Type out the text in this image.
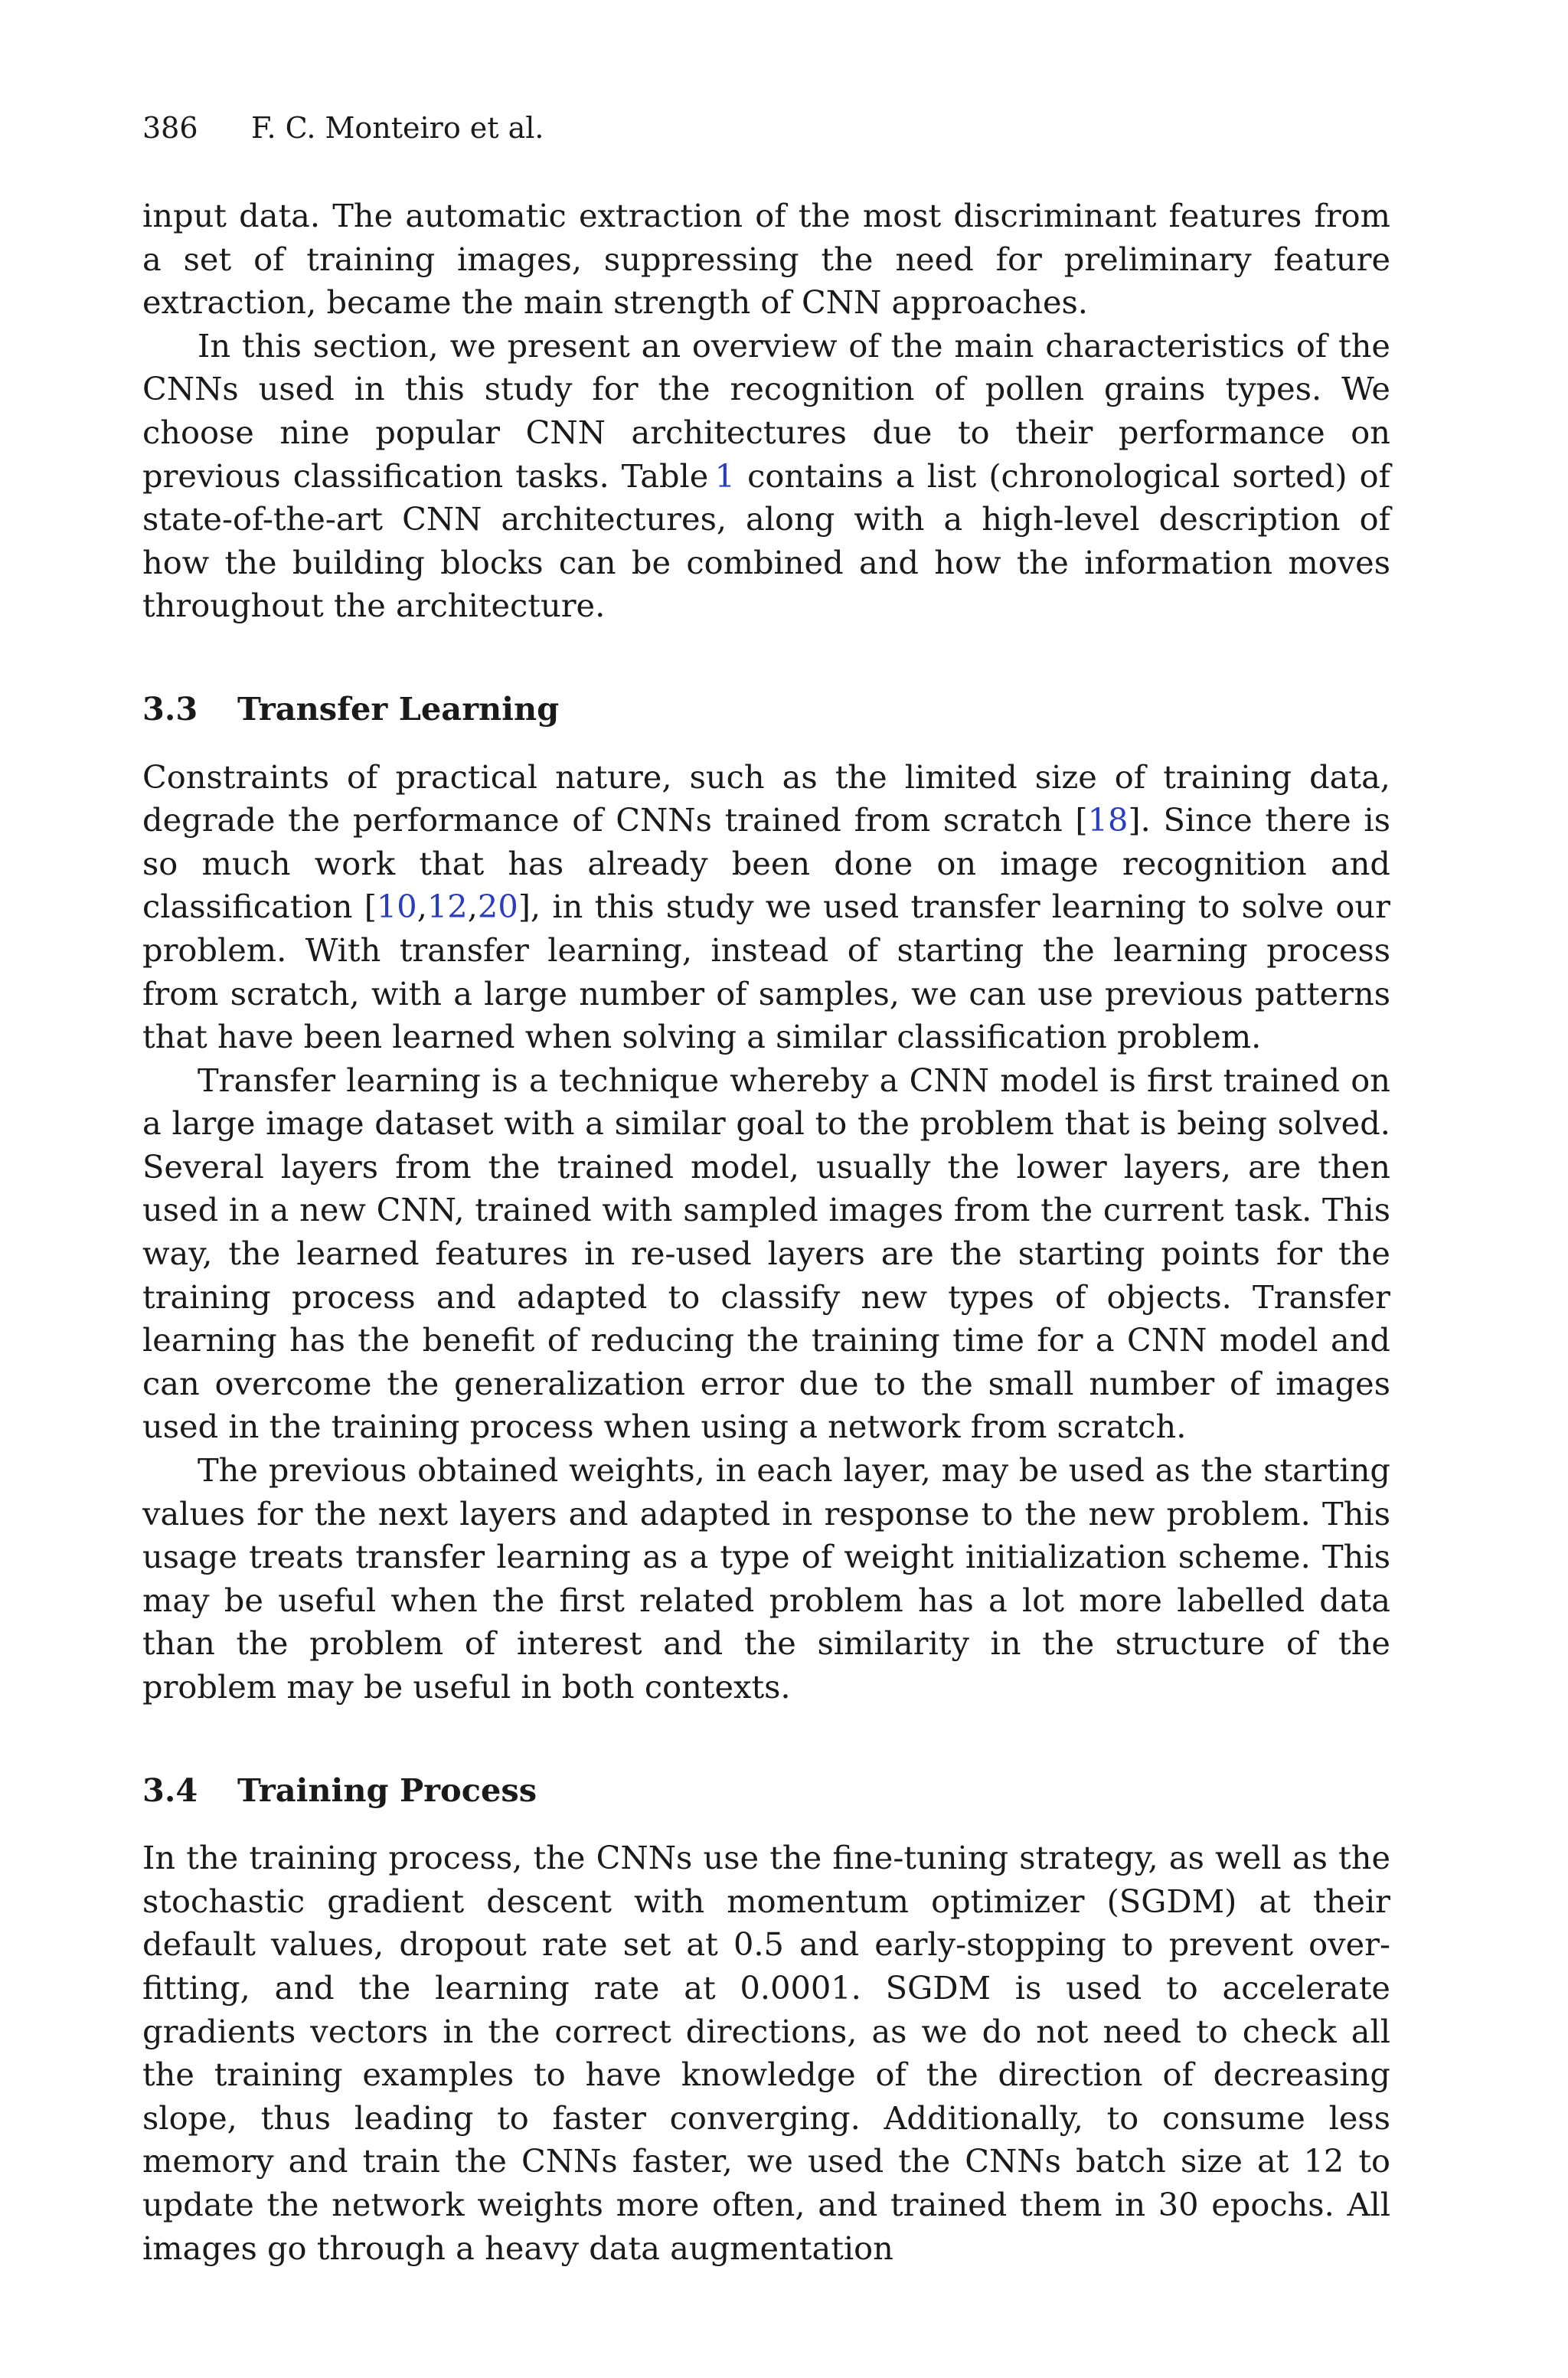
386 F. C. Monteiro et al.

input data. The automatic extraction of the most discriminant features from a set of training images, suppressing the need for preliminary feature extraction, became the main strength of CNN approaches.

In this section, we present an overview of the main characteristics of the CNNs used in this study for the recognition of pollen grains types. We choose nine popular CNN architectures due to their performance on previous classification tasks. Table 1 contains a list (chronological sorted) of state-of-the-art CNN architectures, along with a high-level description of how the building blocks can be combined and how the information moves throughout the architecture.

3.3 Transfer Learning

Constraints of practical nature, such as the limited size of training data, degrade the performance of CNNs trained from scratch [18]. Since there is so much work that has already been done on image recognition and classification [10,12,20], in this study we used transfer learning to solve our problem. With transfer learning, instead of starting the learning process from scratch, with a large number of samples, we can use previous patterns that have been learned when solving a similar classification problem.

Transfer learning is a technique whereby a CNN model is first trained on a large image dataset with a similar goal to the problem that is being solved. Several layers from the trained model, usually the lower layers, are then used in a new CNN, trained with sampled images from the current task. This way, the learned features in re-used layers are the starting points for the training process and adapted to classify new types of objects. Transfer learning has the benefit of reducing the training time for a CNN model and can overcome the generalization error due to the small number of images used in the training process when using a network from scratch.

The previous obtained weights, in each layer, may be used as the starting values for the next layers and adapted in response to the new problem. This usage treats transfer learning as a type of weight initialization scheme. This may be useful when the first related problem has a lot more labelled data than the problem of interest and the similarity in the structure of the problem may be useful in both contexts.

3.4 Training Process

In the training process, the CNNs use the fine-tuning strategy, as well as the stochastic gradient descent with momentum optimizer (SGDM) at their default values, dropout rate set at 0.5 and early-stopping to prevent over-fitting, and the learning rate at 0.0001. SGDM is used to accelerate gradients vectors in the correct directions, as we do not need to check all the training examples to have knowledge of the direction of decreasing slope, thus leading to faster converging. Additionally, to consume less memory and train the CNNs faster, we used the CNNs batch size at 12 to update the network weights more often, and trained them in 30 epochs. All images go through a heavy data augmentation
